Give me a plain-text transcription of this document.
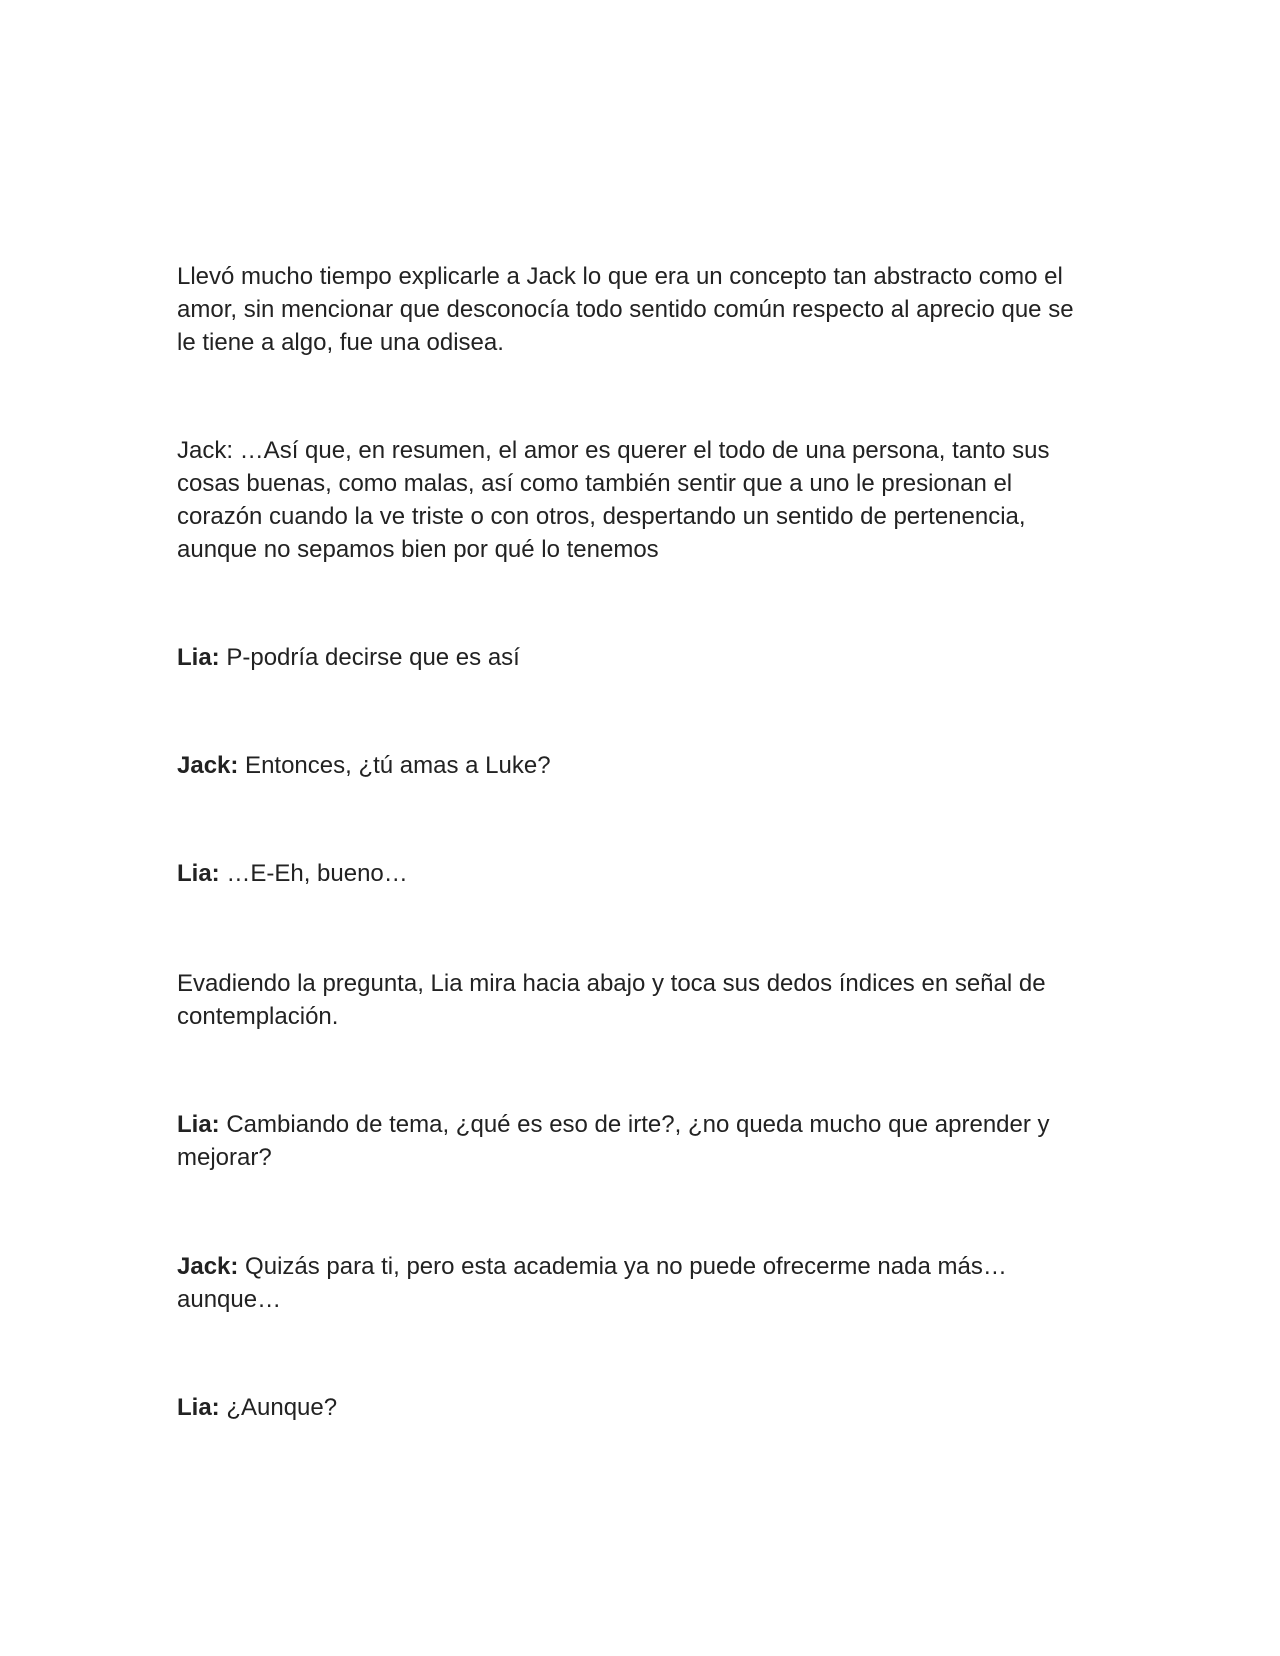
Llevó mucho tiempo explicarle a Jack lo que era un concepto tan abstracto como el amor, sin mencionar que desconocía todo sentido común respecto al aprecio que se le tiene a algo, fue una odisea.

Jack: …Así que, en resumen, el amor es querer el todo de una persona, tanto sus cosas buenas, como malas, así como también sentir que a uno le presionan el corazón cuando la ve triste o con otros, despertando un sentido de pertenencia, aunque no sepamos bien por qué lo tenemos

Lia: P-podría decirse que es así

Jack: Entonces, ¿tú amas a Luke?

Lia: …E-Eh, bueno…

Evadiendo la pregunta, Lia mira hacia abajo y toca sus dedos índices en señal de contemplación.

Lia: Cambiando de tema, ¿qué es eso de irte?, ¿no queda mucho que aprender y mejorar?

Jack: Quizás para ti, pero esta academia ya no puede ofrecerme nada más… aunque…

Lia: ¿Aunque?
